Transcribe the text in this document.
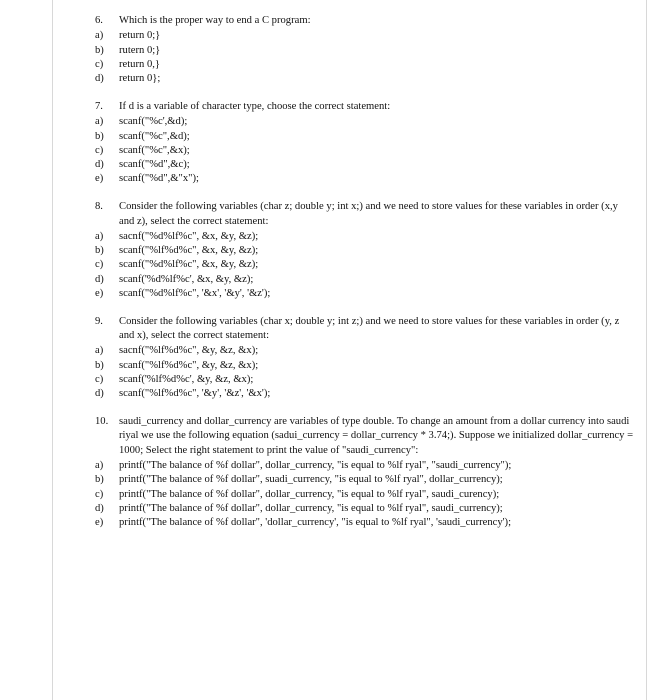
6. Which is the proper way to end a C program:
a) return 0;}
b) rutern 0;}
c) return 0,}
d) return 0};
7. If d is a variable of character type, choose the correct statement:
a) scanf("%c',&d);
b) scanf("%c",&d);
c) scanf("%c",&x);
d) scanf("%d",&c);
e) scanf("%d",&"x");
8. Consider the following variables (char z; double y; int x;) and we need to store values for these variables in order (x,y and z), select the correct statement:
a) sacnf("%d%lf%c", &x, &y, &z);
b) scanf("%lf%d%c", &x, &y, &z);
c) scanf("%d%lf%c", &x, &y, &z);
d) scanf('%d%lf%c', &x, &y, &z);
e) scanf("%d%lf%c", '&x', '&y', '&z');
9. Consider the following variables (char x; double y; int z;) and we need to store values for these variables in order (y, z and x), select the correct statement:
a) sacnf("%lf%d%c", &y, &z, &x);
b) scanf("%lf%d%c", &y, &z, &x);
c) scanf('%lf%d%c', &y, &z, &x);
d) scanf("%lf%d%c", '&y', '&z', '&x');
10. saudi_currency and dollar_currency are variables of type double. To change an amount from a dollar currency into saudi riyal we use the following equation (sadui_currency = dollar_currency * 3.74;). Suppose we initialized dollar_currency = 1000; Select the right statement to print the value of "saudi_currency":
a) printf("The balance of %f dollar", dollar_currency, "is equal to %lf ryal", "saudi_currency");
b) printf("The balance of %f dollar", suadi_currency, "is equal to %lf ryal", dollar_currency);
c) printf("The balance of %f dollar", dollar_currency, "is equal to %lf ryal", saudi_curency);
d) printf("The balance of %f dollar", dollar_currency, "is equal to %lf ryal", saudi_currency);
e) printf("The balance of %f dollar", 'dollar_currency', "is equal to %lf ryal", 'saudi_currency');
